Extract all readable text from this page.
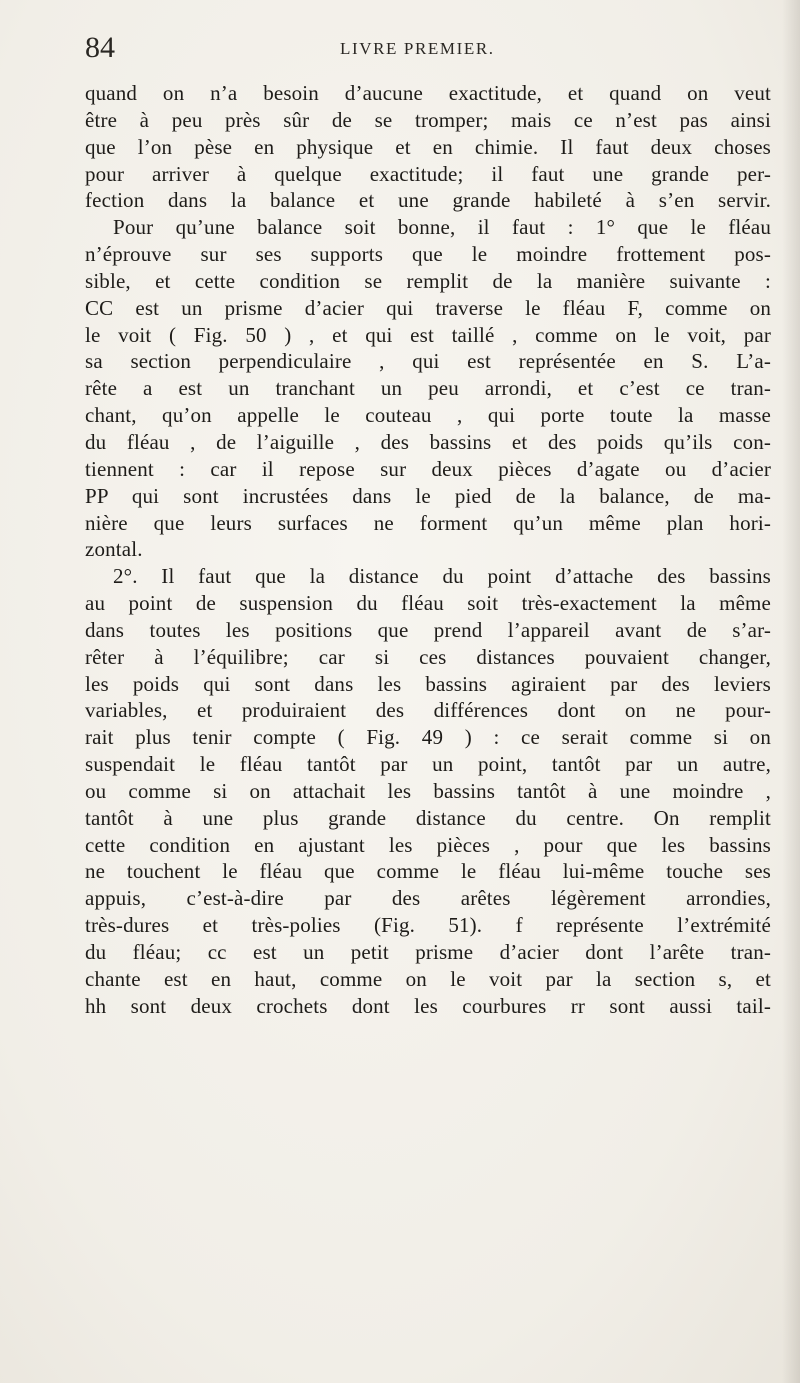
84	LIVRE PREMIER.
quand on n’a besoin d’aucune exactitude, et quand on veut
être à peu près sûr de se tromper; mais ce n’est pas ainsi
que l’on pèse en physique et en chimie. Il faut deux choses
pour arriver à quelque exactitude; il faut une grande per-
fection dans la balance et une grande habileté à s’en servir.
Pour qu’une balance soit bonne, il faut : 1° que le fléau
n’éprouve sur ses supports que le moindre frottement pos-
sible, et cette condition se remplit de la manière suivante :
CC est un prisme d’acier qui traverse le fléau F, comme on
le voit ( Fig. 50 ) , et qui est taillé , comme on le voit, par
sa section perpendiculaire , qui est représentée en S. L’a-
rête a est un tranchant un peu arrondi, et c’est ce tran-
chant, qu’on appelle le couteau , qui porte toute la masse
du fléau , de l’aiguille , des bassins et des poids qu’ils con-
tiennent : car il repose sur deux pièces d’agate ou d’acier
PP qui sont incrustées dans le pied de la balance, de ma-
nière que leurs surfaces ne forment qu’un même plan hori-
zontal.
2°. Il faut que la distance du point d’attache des bassins
au point de suspension du fléau soit très-exactement la même
dans toutes les positions que prend l’appareil avant de s’ar-
rêter à l’équilibre; car si ces distances pouvaient changer,
les poids qui sont dans les bassins agiraient par des leviers
variables, et produiraient des différences dont on ne pour-
rait plus tenir compte ( Fig. 49 ) : ce serait comme si on
suspendait le fléau tantôt par un point, tantôt par un autre,
ou comme si on attachait les bassins tantôt à une moindre ,
tantôt à une plus grande distance du centre. On remplit
cette condition en ajustant les pièces , pour que les bassins
ne touchent le fléau que comme le fléau lui-même touche ses
appuis, c’est-à-dire par des arêtes légèrement arrondies,
très-dures et très-polies (Fig. 51). f représente l’extrémité
du fléau; cc est un petit prisme d’acier dont l’arête tran-
chante est en haut, comme on le voit par la section s, et
hh sont deux crochets dont les courbures rr sont aussi tail-
